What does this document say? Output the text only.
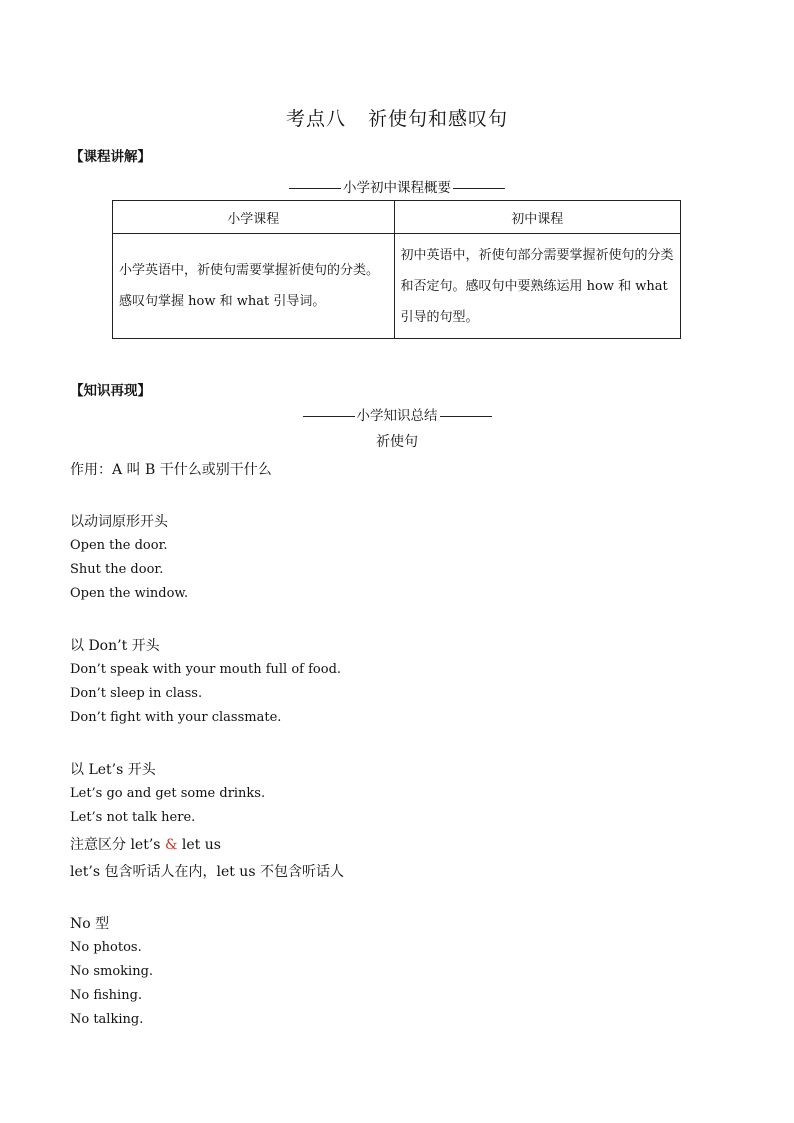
考点八 祈使句和感叹句
【课程讲解】
小学初中课程概要
小学课程	初中课程
小学英语中，祈使句需要掌握祈使句的分类。感叹句掌握 how 和 what 引导词。	初中英语中，祈使句部分需要掌握祈使句的分类和否定句。感叹句中要熟练运用 how 和 what 引导的句型。
【知识再现】
小学知识总结
祈使句
作用：A 叫 B 干什么或别干什么
以动词原形开头
Open the door.
Shut the door.
Open the window.
以 Don’t 开头
Don’t speak with your mouth full of food.
Don’t sleep in class.
Don’t fight with your classmate.
以 Let’s 开头
Let’s go and get some drinks.
Let’s not talk here.
注意区分 let’s & let us
let’s 包含听话人在内，let us 不包含听话人
No 型
No photos.
No smoking.
No fishing.
No talking.
